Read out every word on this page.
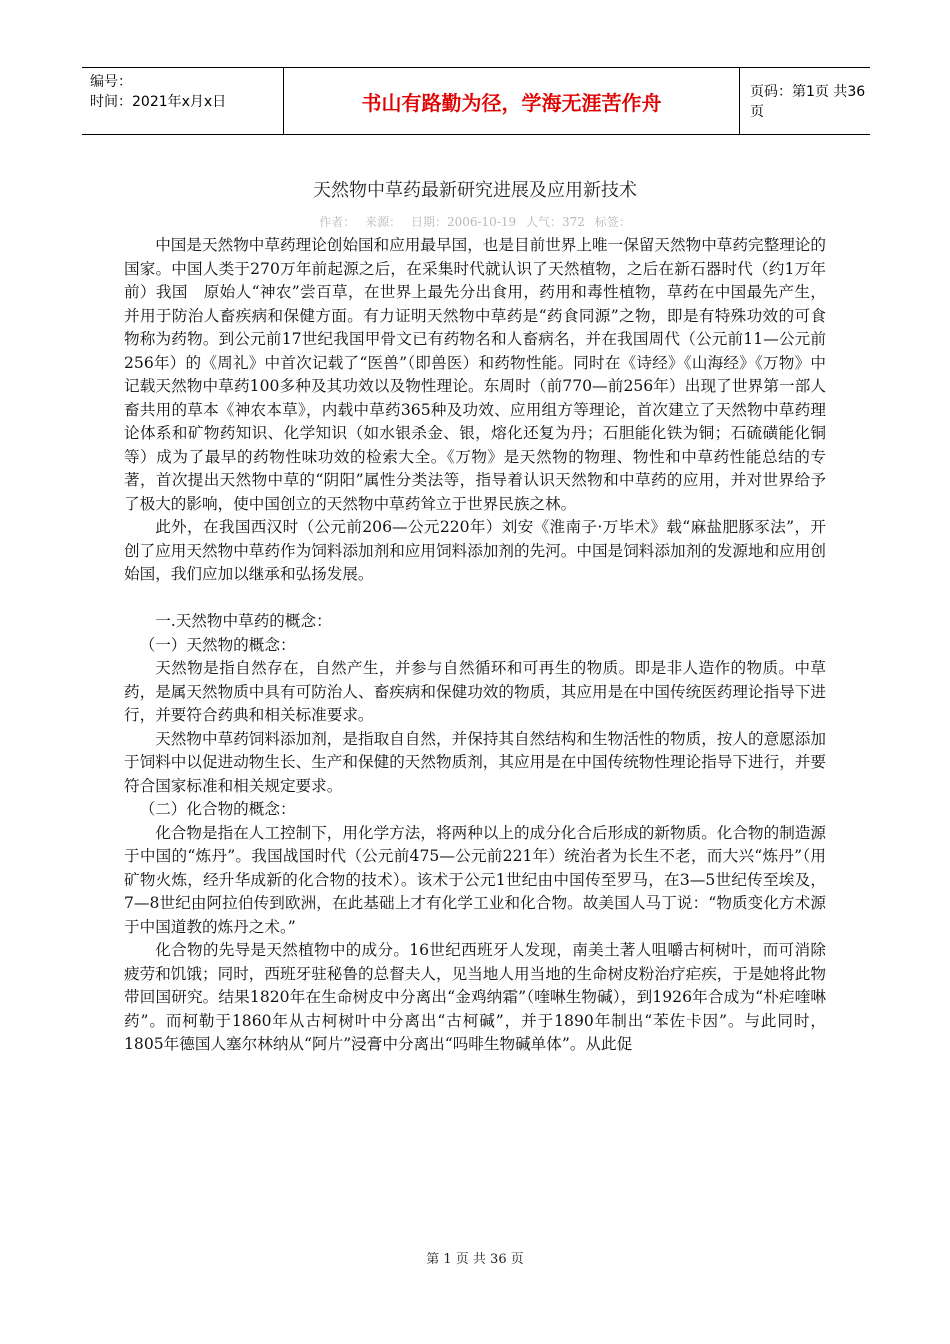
编号：
时间：2021年x月x日	书山有路勤为径，学海无涯苦作舟	页码：第1页 共36页
天然物中草药最新研究进展及应用新技术
作者： 来源： 日期：2006-10-19 人气：372 标签：

中国是天然物中草药理论创始国和应用最早国，也是目前世界上唯一保留天然物中草药完整理论的国家。中国人类于270万年前起源之后，在采集时代就认识了天然植物，之后在新石器时代（约1万年前）我国　原始人“神农”尝百草，在世界上最先分出食用，药用和毒性植物，草药在中国最先产生，并用于防治人畜疾病和保健方面。有力证明天然物中草药是“药食同源”之物，即是有特殊功效的可食物称为药物。到公元前17世纪我国甲骨文已有药物名和人畜病名，并在我国周代（公元前11—公元前256年）的《周礼》中首次记载了“医兽”（即兽医）和药物性能。同时在《诗经》《山海经》《万物》中记载天然物中草药100多种及其功效以及物性理论。东周时（前770—前256年）出现了世界第一部人畜共用的草本《神农本草》，内载中草药365种及功效、应用组方等理论，首次建立了天然物中草药理论体系和矿物药知识、化学知识（如水银杀金、银，熔化还复为丹；石胆能化铁为铜；石硫磺能化铜等）成为了最早的药物性味功效的检索大全。《万物》是天然物的物理、物性和中草药性能总结的专著，首次提出天然物中草的“阴阳”属性分类法等，指导着认识天然物和中草药的应用，并对世界给予了极大的影响，使中国创立的天然物中草药耸立于世界民族之林。

此外，在我国西汉时（公元前206—公元220年）刘安《淮南子·万毕术》载“麻盐肥豚豕法”，开创了应用天然物中草药作为饲料添加剂和应用饲料添加剂的先河。中国是饲料添加剂的发源地和应用创始国，我们应加以继承和弘扬发展。

一.天然物中草药的概念：

（一）天然物的概念：

天然物是指自然存在，自然产生，并参与自然循环和可再生的物质。即是非人造作的物质。中草药，是属天然物质中具有可防治人、畜疾病和保健功效的物质，其应用是在中国传统医药理论指导下进行，并要符合药典和相关标准要求。

天然物中草药饲料添加剂，是指取自自然，并保持其自然结构和生物活性的物质，按人的意愿添加于饲料中以促进动物生长、生产和保健的天然物质剂，其应用是在中国传统物性理论指导下进行，并要符合国家标准和相关规定要求。

（二）化合物的概念：

化合物是指在人工控制下，用化学方法，将两种以上的成分化合后形成的新物质。化合物的制造源于中国的“炼丹”。我国战国时代（公元前475—公元前221年）统治者为长生不老，而大兴“炼丹”（用矿物火炼，经升华成新的化合物的技术）。该术于公元1世纪由中国传至罗马，在3—5世纪传至埃及，7—8世纪由阿拉伯传到欧洲，在此基础上才有化学工业和化合物。故美国人马丁说：“物质变化方术源于中国道教的炼丹之术。”

化合物的先导是天然植物中的成分。16世纪西班牙人发现，南美土著人咀嚼古柯树叶，而可消除疲劳和饥饿；同时，西班牙驻秘鲁的总督夫人，见当地人用当地的生命树皮粉治疗疟疾，于是她将此物带回国研究。结果1820年在生命树皮中分离出“金鸡纳霜”（喹啉生物碱），到1926年合成为“朴疟喹啉药”。而柯勒于1860年从古柯树叶中分离出“古柯碱”，并于1890年制出“苯佐卡因”。与此同时，1805年德国人塞尔林纳从“阿片”浸膏中分离出“吗啡生物碱单体”。从此促

第 1 页 共 36 页
